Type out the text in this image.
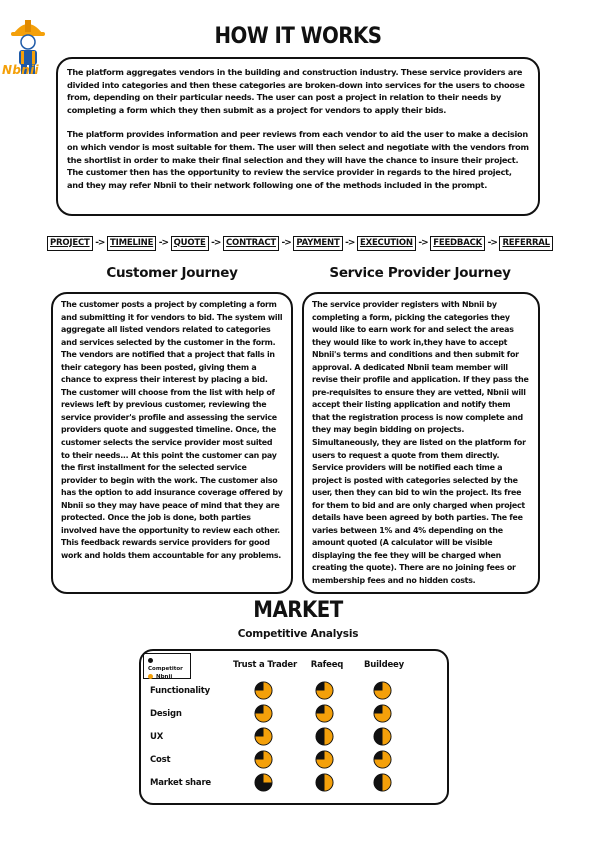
Nbnii
HOW IT WORKS

The platform aggregates vendors in the building and construction industry. These service providers are divided into categories and then these categories are broken-down into services for the users to choose from, depending on their particular needs. The user can post a project in relation to their needs by completing a form which they then submit as a project for vendors to apply their bids.

The platform provides information and peer reviews from each vendor to aid the user to make a decision on which vendor is most suitable for them. The user will then select and negotiate with the vendors from the shortlist in order to make their final selection and they will have the chance to insure their project. The customer then has the opportunity to review the service provider in regards to the hired project, and they may refer Nbnii to their network following one of the methods included in the prompt.

PROJECT -> TIMELINE -> QUOTE -> CONTRACT -> PAYMENT -> EXECUTION -> FEEDBACK -> REFERRAL
Customer Journey	Service Provider Journey

The customer posts a project by completing a form and submitting it for vendors to bid. The system will aggregate all listed vendors related to categories and services selected by the customer in the form. The vendors are notified that a project that falls in their category has been posted, giving them a chance to express their interest by placing a bid. The customer will choose from the list with help of reviews left by previous customer, reviewing the service provider's profile and assessing the service providers quote and suggested timeline. Once, the customer selects the service provider most suited to their needs... At this point the customer can pay the first installment for the selected service provider to begin with the work. The customer also has the option to add insurance coverage offered by Nbnii so they may have peace of mind that they are protected. Once the job is done, both parties involved have the opportunity to review each other. This feedback rewards service providers for good work and holds them accountable for any problems.

The service provider registers with Nbnii by completing a form, picking the categories they would like to earn work for and select the areas they would like to work in,they have to accept Nbnii's terms and conditions and then submit for approval. A dedicated Nbnii team member will revise their profile and application. If they pass the pre-requisites to ensure they are vetted, Nbnii will accept their listing application and notify them that the registration process is now complete and they may begin bidding on projects. Simultaneously, they are listed on the platform for users to request a quote from them directly.

Service providers will be notified each time a project is posted with categories selected by the user, then they can bid to win the project. Its free for them to bid and are only charged when project details have been agreed by both parties. The fee varies between 1% and 4% depending on the amount quoted (A calculator will be visible displaying the fee they will be charged when creating the quote). There are no joining fees or membership fees and no hidden costs.

MARKET
Competitive Analysis
Competitor
Nbnii
Trust a Trader	Rafeeq	Buildeey
Functionality
Design
UX
Cost
Market share
